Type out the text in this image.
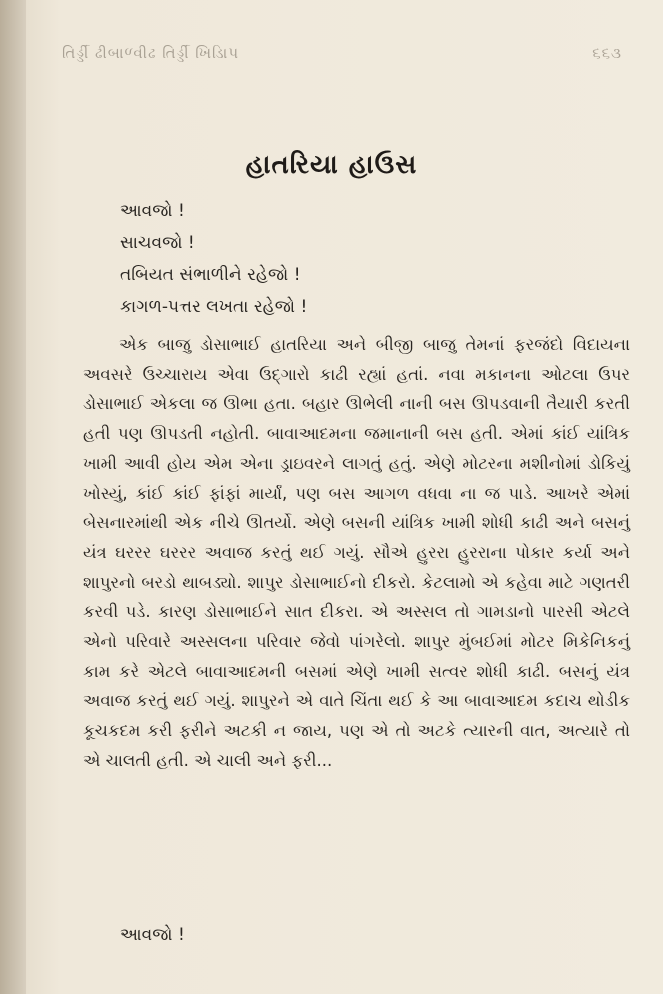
તિર્ડ્ડી ઢીબાળ્વીઢ તિર્ડ્ડી ખિડિાપ	૬૬૩
હાતરિયા હાઉસ
આવજો !
સાચવજો !
તબિયત સંભાળીને રહેજો !
કાગળ-પત્તર લખતા રહેજો !

એક બાજુ ડોસાભાઈ હાતરિયા અને બીજી બાજુ તેમનાં ફરજંદો વિદાયના અવસરે ઉચ્ચારાય એવા ઉદ્ગારો કાઢી રહ્યાં હતાં. નવા મકાનના ઓટલા ઉપર ડોસાભાઈ એકલા જ ઊભા હતા. બહાર ઊભેલી નાની બસ ઊપડવાની તૈયારી કરતી હતી પણ ઊપડતી નહોતી. બાવાઆદમના જમાનાની બસ હતી. એમાં કાંઈ યાંત્રિક ખામી આવી હોય એમ એના ડ્રાઇવરને લાગતું હતું. એણે મોટરના મશીનોમાં ડોકિયું ખોસ્યું, કાંઈ કાંઈ ફાંફાં માર્યાં, પણ બસ આગળ વધવા ના જ પાડે. આખરે એમાં બેસનારમાંથી એક નીચે ઊતર્યો. એણે બસની યાંત્રિક ખામી શોધી કાઢી અને બસનું યંત્ર ઘરરર ઘરરર અવાજ કરતું થઈ ગયું. સૌએ હુરરા હુરરાના પોકાર કર્યા અને શાપુરનો બરડો થાબડ્યો. શાપુર ડોસાભાઈનો દીકરો. કેટલામો એ કહેવા માટે ગણતરી કરવી પડે. કારણ ડોસાભાઈને સાત દીકરા. એ અસ્સલ તો ગામડાનો પારસી એટલે એનો પરિવારે અસ્સલના પરિવાર જેવો પાંગરેલો. શાપુર મુંબઈમાં મોટર મિકેનિકનું કામ કરે એટલે બાવાઆદમની બસમાં એણે ખામી સત્વર શોધી કાઢી. બસનું યંત્ર અવાજ કરતું થઈ ગયું. શાપુરને એ વાતે ચિંતા થઈ કે આ બાવાઆદમ કદાચ થોડીક કૂચકદમ કરી ફરીને અટકી ન જાય, પણ એ તો અટકે ત્યારની વાત, અત્યારે તો એ ચાલતી હતી. એ ચાલી અને ફરી...

આવજો !
